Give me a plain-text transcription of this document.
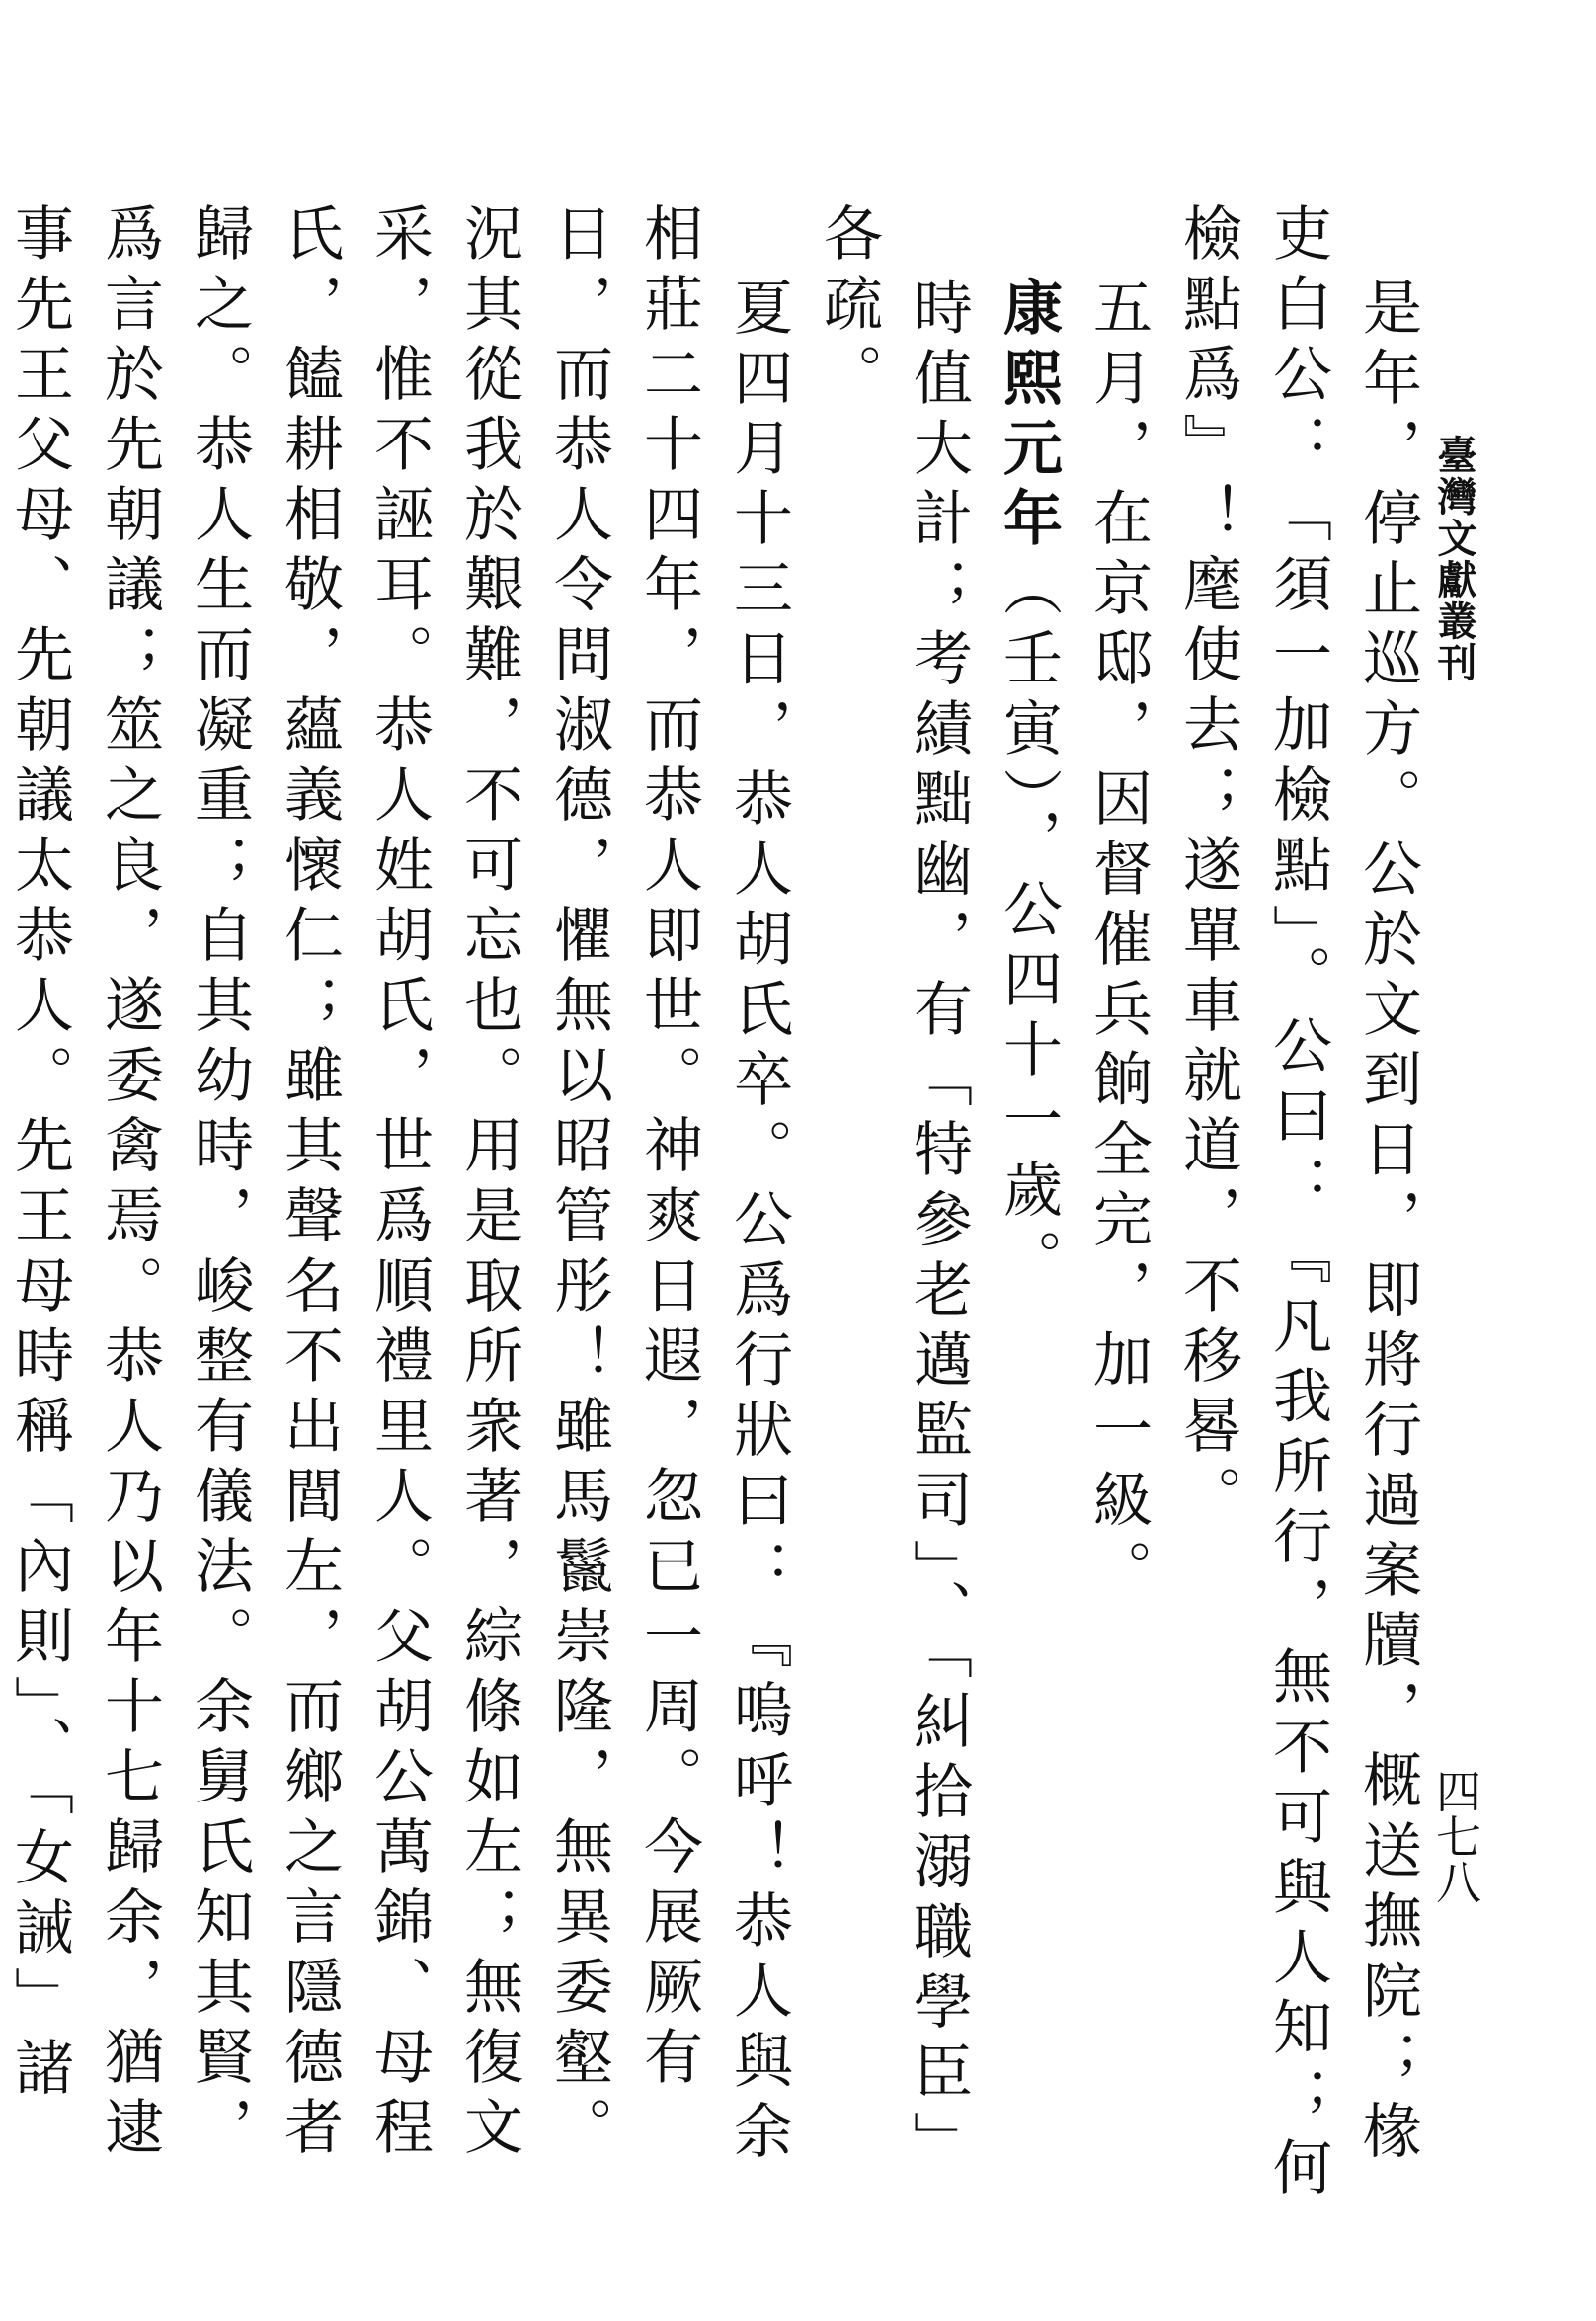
臺灣文獻叢刊
四七八

是年，停止巡方。公於文到日，即將行過案牘，概送撫院；椽吏白公：「須一加檢點」。公曰：『凡我所行，無不可與人知；何檢點爲』！麾使去；遂單車就道，不移晷。

五月，在京邸，因督催兵餉全完，加一級。

康熙元年（壬寅），公四十一歲。

時值大計；考績黜幽，有「特參老邁監司」、「糾拾溺職學臣」各疏。

夏四月十三日，恭人胡氏卒。公爲行狀曰：『嗚呼！恭人與余相莊二十四年，而恭人即世。神爽日遐，忽已一周。今展厥有日，而恭人令問淑德，懼無以昭管彤！雖馬鬣崇隆，無異委壑。況其從我於艱難，不可忘也。用是取所衆著，綜條如左；無復文采，惟不誣耳。恭人姓胡氏，世爲順禮里人。父胡公萬錦、母程氏，饁耕相敬，蘊義懷仁；雖其聲名不出閭左，而鄉之言隱德者歸之。恭人生而凝重；自其幼時，峻整有儀法。余舅氏知其賢，爲言於先朝議；筮之良，遂委禽焉。恭人乃以年十七歸余，猶逮事先王父母、先朝議太恭人。先王母時稱「內則」、「女誡」諸
